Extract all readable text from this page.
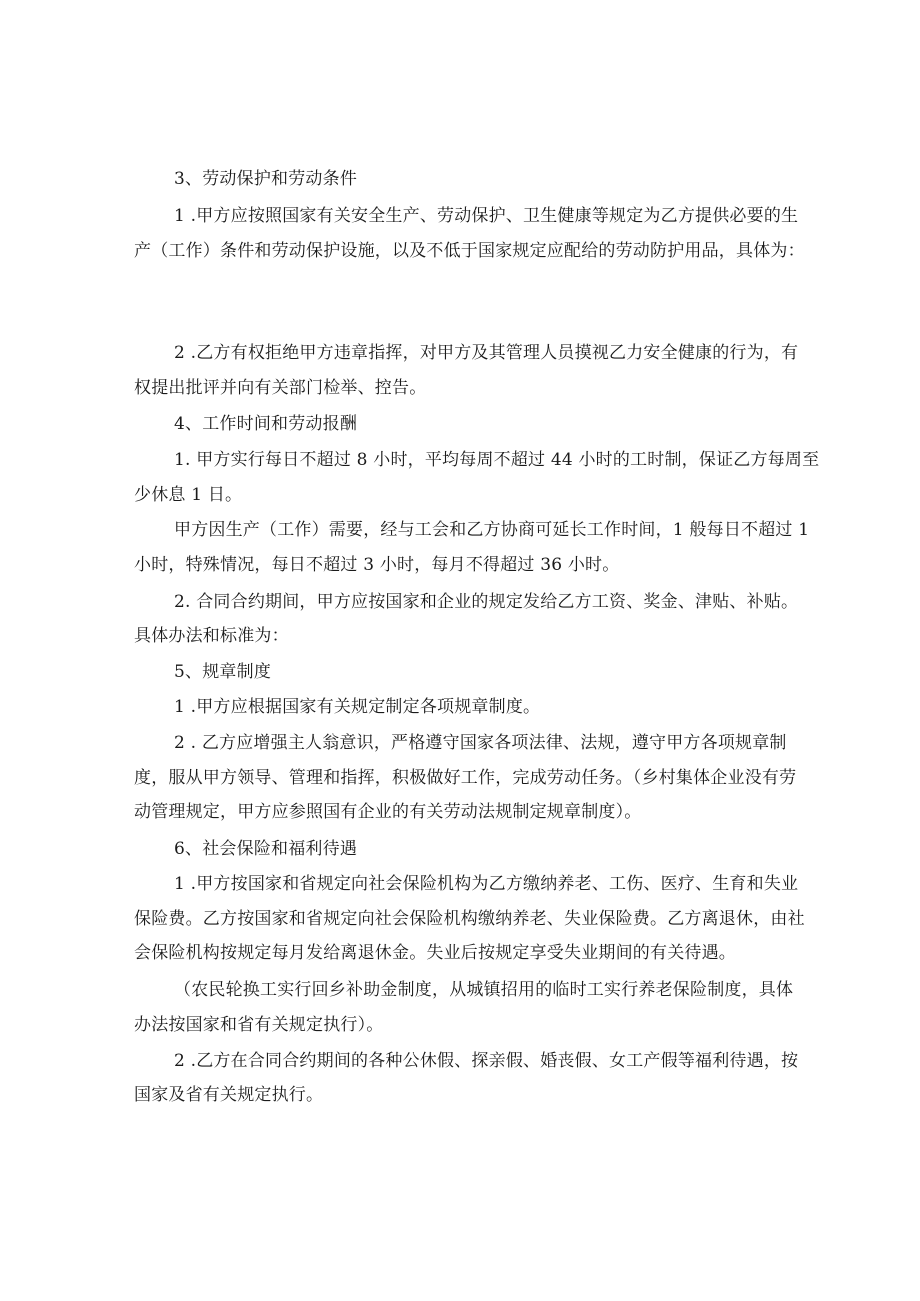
3、劳动保护和劳动条件
1 .甲方应按照国家有关安全生产、劳动保护、卫生健康等规定为乙方提供必要的生
产（工作）条件和劳动保护设施，以及不低于国家规定应配给的劳动防护用品，具体为：
2 .乙方有权拒绝甲方违章指挥，对甲方及其管理人员摸视乙力安全健康的行为，有
权提出批评并向有关部门检举、控告。
4、工作时间和劳动报酬
1. 甲方实行每日不超过 8 小时，平均每周不超过 44 小时的工时制，保证乙方每周至
少休息 1 日。
甲方因生产（工作）需要，经与工会和乙方协商可延长工作时间，1 般每日不超过 1
小时，特殊情况，每日不超过 3 小时，每月不得超过 36 小时。
2. 合同合约期间，甲方应按国家和企业的规定发给乙方工资、奖金、津贴、补贴。
具体办法和标准为：
5、规章制度
1 .甲方应根据国家有关规定制定各项规章制度。
2 . 乙方应增强主人翁意识，严格遵守国家各项法律、法规，遵守甲方各项规章制
度，服从甲方领导、管理和指挥，积极做好工作，完成劳动任务。（乡村集体企业没有劳
动管理规定，甲方应参照国有企业的有关劳动法规制定规章制度）。
6、社会保险和福利待遇
1 .甲方按国家和省规定向社会保险机构为乙方缴纳养老、工伤、医疗、生育和失业
保险费。乙方按国家和省规定向社会保险机构缴纳养老、失业保险费。乙方离退休，由社
会保险机构按规定每月发给离退休金。失业后按规定享受失业期间的有关待遇。
（农民轮换工实行回乡补助金制度，从城镇招用的临时工实行养老保险制度，具体
办法按国家和省有关规定执行）。
2 .乙方在合同合约期间的各种公休假、探亲假、婚丧假、女工产假等福利待遇，按
国家及省有关规定执行。
